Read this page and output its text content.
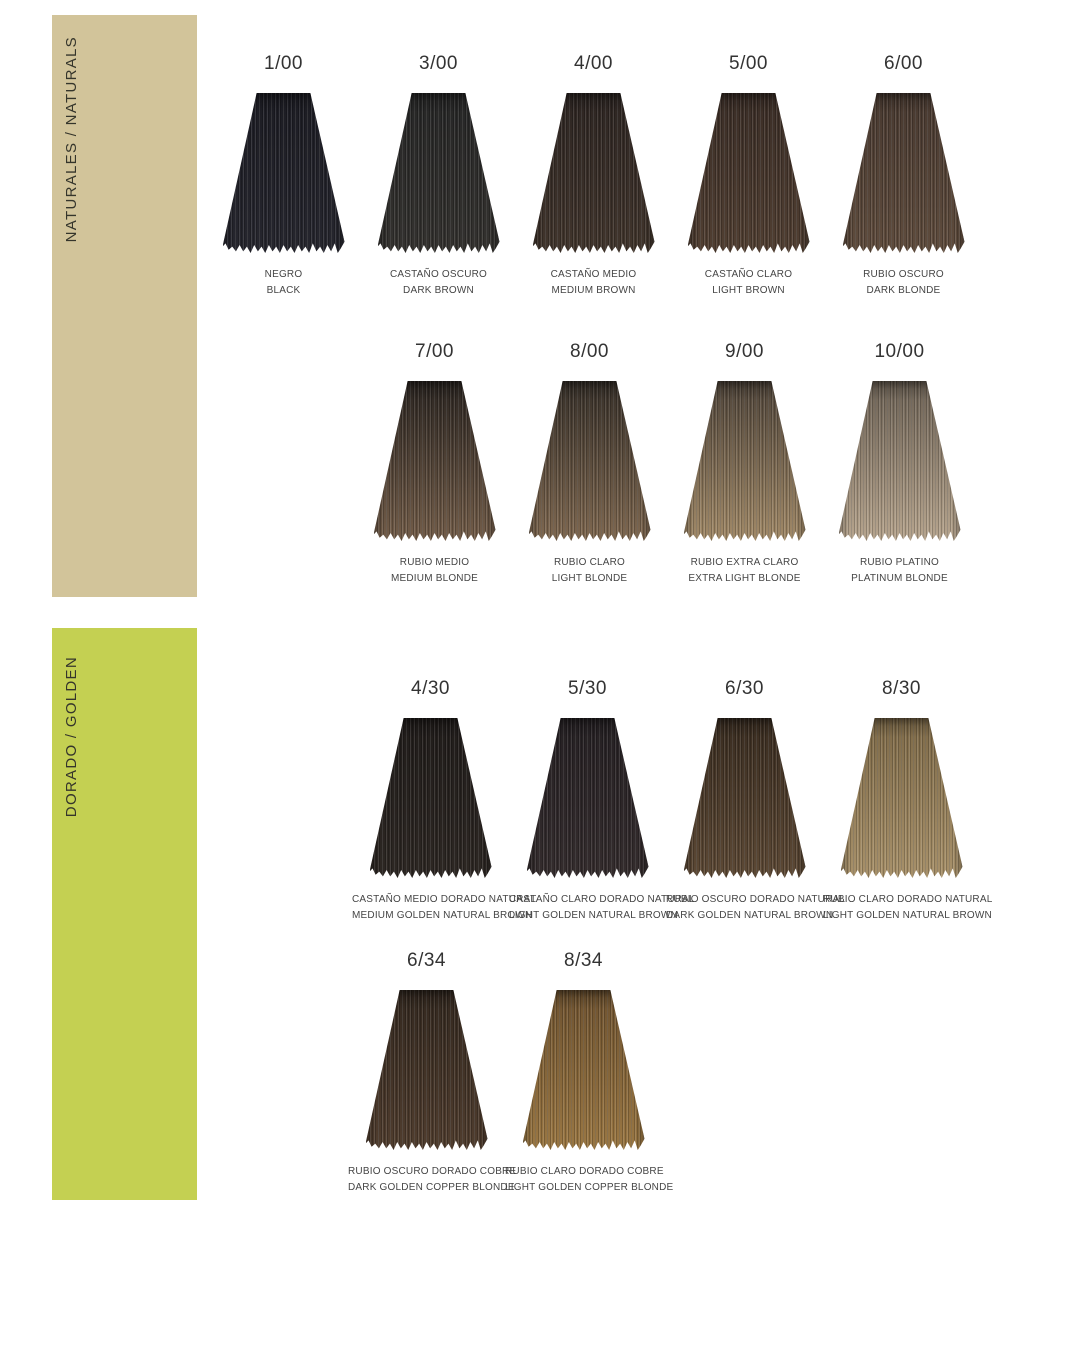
NATURALES / NATURALS
DORADO / GOLDEN
1/00
NEGRO
BLACK
3/00
CASTAÑO OSCURO
DARK BROWN
4/00
CASTAÑO MEDIO
MEDIUM BROWN
5/00
CASTAÑO CLARO
LIGHT BROWN
6/00
RUBIO OSCURO
DARK BLONDE
7/00
RUBIO MEDIO
MEDIUM BLONDE
8/00
RUBIO CLARO
LIGHT BLONDE
9/00
RUBIO EXTRA CLARO
EXTRA LIGHT BLONDE
10/00
RUBIO PLATINO
PLATINUM BLONDE
4/30
CASTAÑO MEDIO DORADO NATURAL
MEDIUM GOLDEN NATURAL BROWN
5/30
CASTAÑO CLARO DORADO NATURAL
LIGHT GOLDEN NATURAL BROWN
6/30
RUBIO OSCURO DORADO NATURAL
DARK GOLDEN NATURAL BROWN
8/30
RUBIO CLARO DORADO NATURAL
LIGHT GOLDEN NATURAL BROWN
6/34
RUBIO OSCURO DORADO COBRE
DARK GOLDEN COPPER BLONDE
8/34
RUBIO CLARO DORADO COBRE
LIGHT GOLDEN COPPER BLONDE
